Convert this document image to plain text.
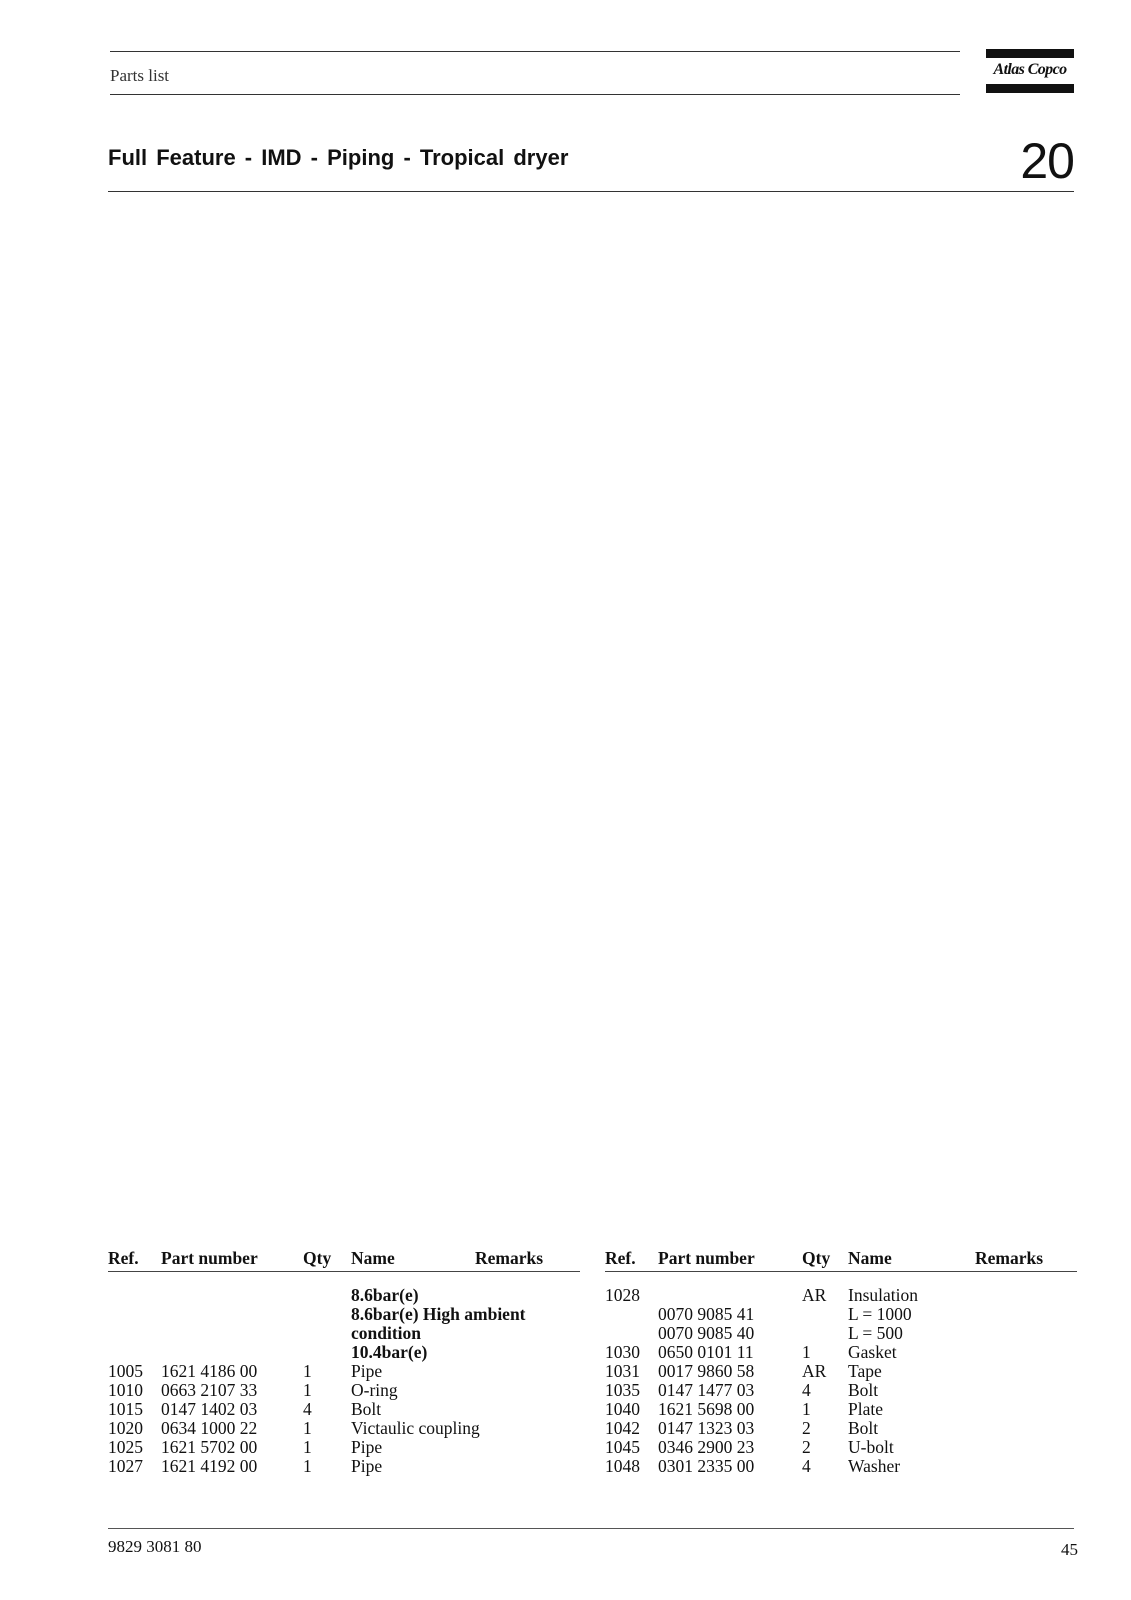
Parts list	Atlas Copco
Full Feature - IMD - Piping - Tropical dryer	20
Ref. Part number	Qty Name	Remarks
8.6bar(e)
8.6bar(e) High ambient
condition
10.4bar(e)
1005 1621 4186 00	1 Pipe
1010 0663 2107 33	1 O-ring
1015 0147 1402 03	4 Bolt
1020 0634 1000 22	1 Victaulic coupling
1025 1621 5702 00	1 Pipe
1027 1621 4192 00	1 Pipe
Ref. Part number	Qty Name	Remarks
1028	AR Insulation
0070 9085 41	L = 1000
0070 9085 40	L = 500
1030 0650 0101 11	1 Gasket
1031 0017 9860 58	AR Tape
1035 0147 1477 03	4 Bolt
1040 1621 5698 00	1 Plate
1042 0147 1323 03	2 Bolt
1045 0346 2900 23	2 U-bolt
1048 0301 2335 00	4 Washer
9829 3081 80	45
